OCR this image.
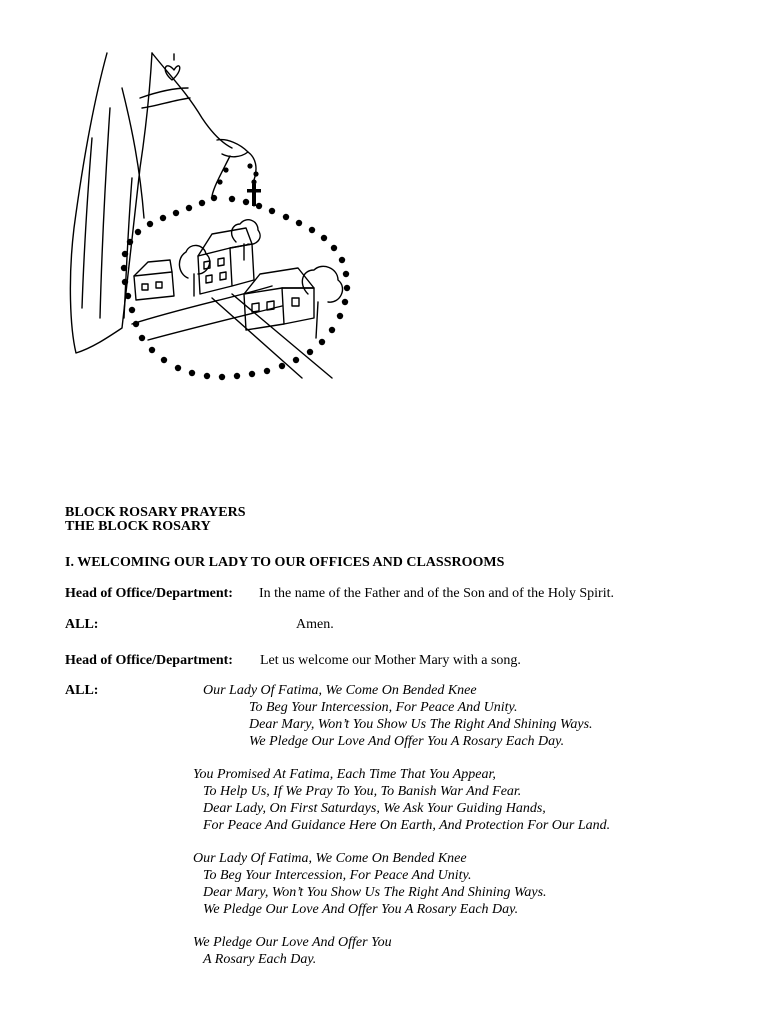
BLOCK ROSARY PRAYERS
THE BLOCK ROSARY
I. WELCOMING OUR LADY TO OUR OFFICES AND CLASSROOMS
Head of Office/Department: In the name of the Father and of the Son and of the Holy Spirit.
ALL:	Amen.
Head of Office/Department: Let us welcome our Mother Mary with a song.
ALL:	Our Lady Of Fatima, We Come On Bended Knee
To Beg Your Intercession, For Peace And Unity.
Dear Mary, Won’t You Show Us The Right And Shining Ways.
We Pledge Our Love And Offer You A Rosary Each Day.
You Promised At Fatima, Each Time That You Appear,
To Help Us, If We Pray To You, To Banish War And Fear.
Dear Lady, On First Saturdays, We Ask Your Guiding Hands,
For Peace And Guidance Here On Earth, And Protection For Our Land.
Our Lady Of Fatima, We Come On Bended Knee
To Beg Your Intercession, For Peace And Unity.
Dear Mary, Won’t You Show Us The Right And Shining Ways.
We Pledge Our Love And Offer You A Rosary Each Day.
We Pledge Our Love And Offer You
A Rosary Each Day.
